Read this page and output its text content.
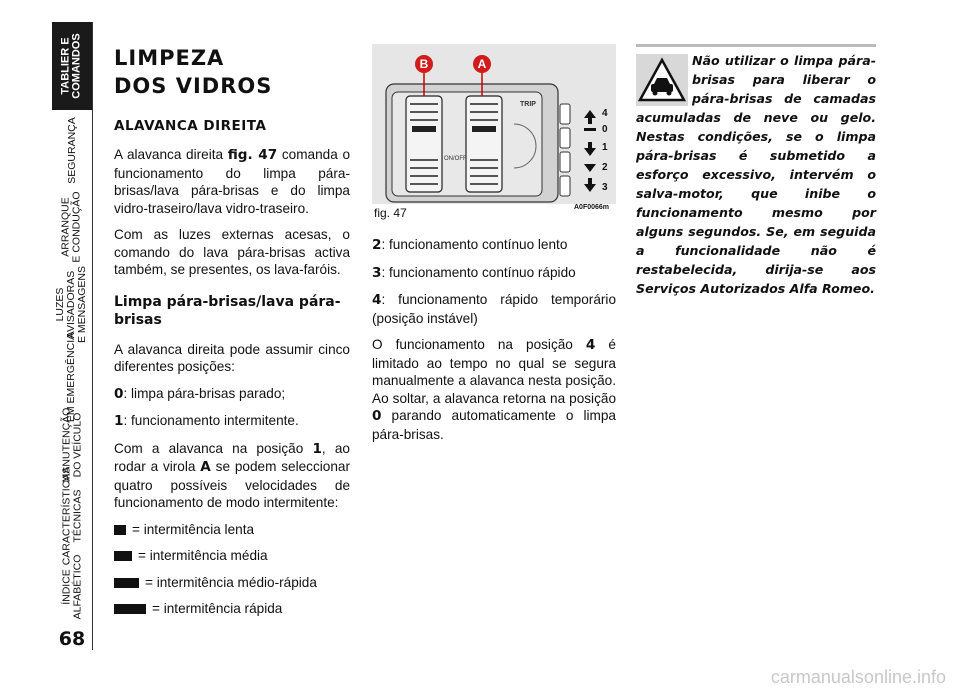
TABLIER E
COMANDOS
SEGURANÇA
ARRANQUE
E CONDUÇÃO
LUZES
AVISADORAS
E MENSAGENS
EM EMERGÊNCIA
MANUTENÇÃO
DO VEÍCULO
CARACTERÍSTICAS
TÉCNICAS
ÍNDICE
ALFABÉTICO
68
LIMPEZA
DOS VIDROS
ALAVANCA DIREITA

A alavanca direita fig. 47 comanda o funcionamento do limpa pára-brisas/lava pára-brisas e do limpa vidro-traseiro/lava vidro-traseiro.

Com as luzes externas acesas, o comando do lava pára-brisas activa também, se presentes, os lava-faróis.

Limpa pára-brisas/lava pára-brisas

A alavanca direita pode assumir cinco diferentes posições:

0: limpa pára-brisas parado;

1: funcionamento intermitente.

Com a alavanca na posição 1, ao rodar a virola A se podem seleccionar quatro possíveis velocidades de funcionamento de modo intermitente:

= intermitência lenta

= intermitência média

= intermitência médio-rápida

= intermitência rápida

B	A
TRIP
ON/OFF
4
0
1
2
3
fig. 47	A0F0066m

2: funcionamento contínuo lento

3: funcionamento contínuo rápido

4: funcionamento rápido temporário (posição instável)

O funcionamento na posição 4 é limitado ao tempo no qual se segura manualmente a alavanca nesta posição. Ao soltar, a alavanca retorna na posição 0 parando automaticamente o limpa pára-brisas.

Não utilizar o limpa pára-brisas para liberar o pára-brisas de camadas acumuladas de neve ou gelo. Nestas condições, se o limpa pára-brisas é submetido a esforço excessivo, intervém o salva-motor, que inibe o funcionamento mesmo por alguns segundos. Se, em seguida a funcionalidade não é restabelecida, dirija-se aos Serviços Autorizados Alfa Romeo.
carmanualsonline.info
